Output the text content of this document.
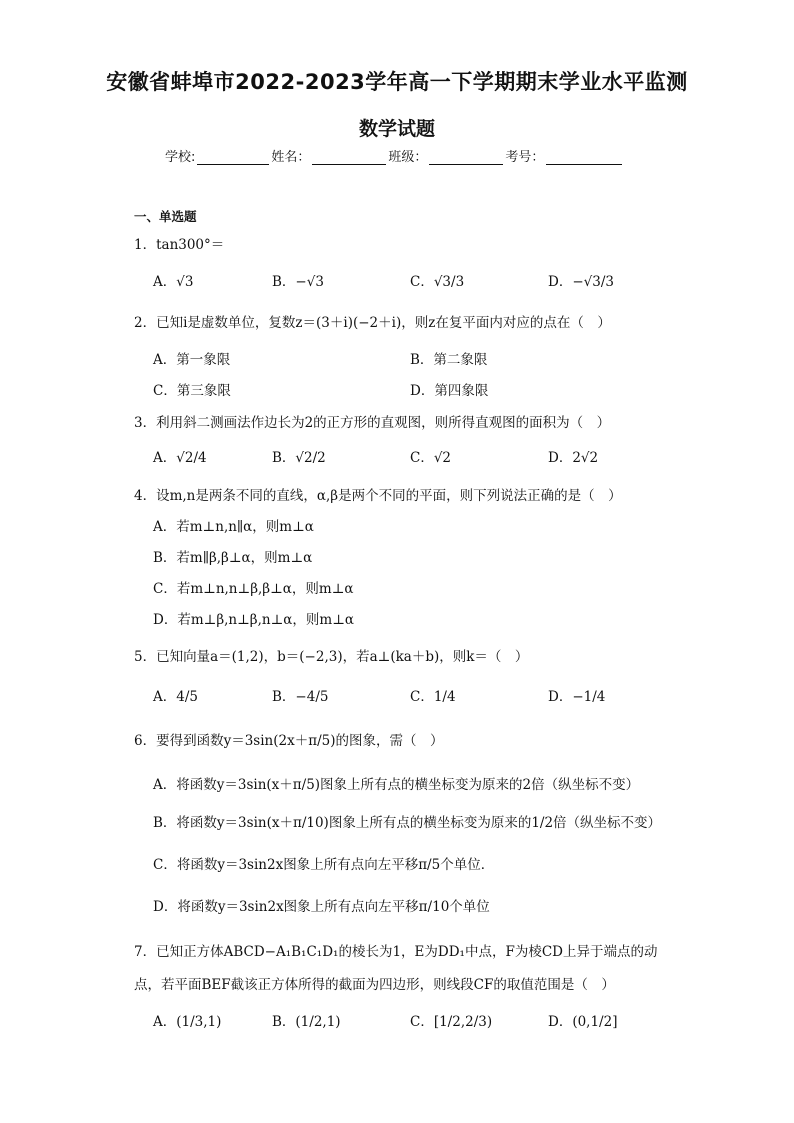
安徽省蚌埠市2022-2023学年高一下学期期末学业水平监测
数学试题
学校:	姓名：	班级：	考号：
一、单选题
1．tan300°＝
A．√3	B．−√3	C．√3/3	D．−√3/3
2．已知i是虚数单位，复数z＝(3＋i)(−2＋i)，则z在复平面内对应的点在（　）
A．第一象限	B．第二象限
C．第三象限	D．第四象限
3．利用斜二测画法作边长为2的正方形的直观图，则所得直观图的面积为（　）
A．√2/4	B．√2/2	C．√2	D．2√2
4．设m,n是两条不同的直线，α,β是两个不同的平面，则下列说法正确的是（　）
A．若m⊥n,n∥α，则m⊥α
B．若m∥β,β⊥α，则m⊥α
C．若m⊥n,n⊥β,β⊥α，则m⊥α
D．若m⊥β,n⊥β,n⊥α，则m⊥α
5．已知向量a＝(1,2)，b＝(−2,3)，若a⊥(ka＋b)，则k＝（　）
A．4/5	B．−4/5	C．1/4	D．−1/4
6．要得到函数y＝3sin(2x＋π/5)的图象，需（　）
A．将函数y＝3sin(x＋π/5)图象上所有点的横坐标变为原来的2倍（纵坐标不变）
B．将函数y＝3sin(x＋π/10)图象上所有点的横坐标变为原来的1/2倍（纵坐标不变）
C．将函数y＝3sin2x图象上所有点向左平移π/5个单位．
D．将函数y＝3sin2x图象上所有点向左平移π/10个单位
7．已知正方体ABCD−A₁B₁C₁D₁的棱长为1，E为DD₁中点，F为棱CD上异于端点的动点，若平面BEF截该正方体所得的截面为四边形，则线段CF的取值范围是（　）
A．(1/3,1)	B．(1/2,1)	C．[1/2,2/3)	D．(0,1/2]
